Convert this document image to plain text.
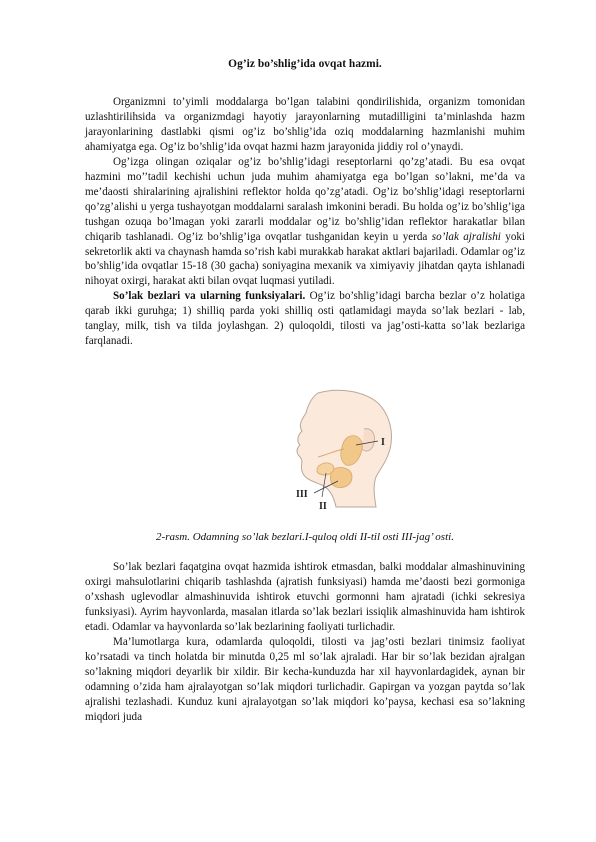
Og’iz bo’shlig’ida ovqat hazmi.

Organizmni to’yimli moddalarga bo’lgan talabini qondirilishida, organizm tomonidan uzlashtirilihsida va organizmdagi hayotiy jarayonlarning mutadilligini ta’minlashda hazm jarayonlarining dastlabki qismi og’iz bo’shlig’ida oziq moddalarning hazmlanishi muhim ahamiyatga ega. Og’iz bo’shlig’ida ovqat hazmi hazm jarayonida jiddiy rol o’ynaydi.

Og’izga olingan oziqalar og’iz bo’shlig’idagi reseptorlarni qo’zg’atadi. Bu esa ovqat hazmini mo’’tadil kechishi uchun juda muhim ahamiyatga ega bo’lgan so’lakni, me’da va me’daosti shiralarining ajralishini reflektor holda qo’zg’atadi. Og’iz bo’shlig’idagi reseptorlarni qo’zg’alishi u yerga tushayotgan moddalarni saralash imkonini beradi. Bu holda og’iz bo’shlig’iga tushgan ozuqa bo’lmagan yoki zararli moddalar og’iz bo’shlig’idan reflektor harakatlar bilan chiqarib tashlanadi. Og’iz bo’shlig’iga ovqatlar tushganidan keyin u yerda so’lak ajralishi yoki sekretorlik akti va chaynash hamda so’rish kabi murakkab harakat aktlari bajariladi. Odamlar og’iz bo’shlig’ida ovqatlar 15-18 (30 gacha) soniyagina mexanik va ximiyaviy jihatdan qayta ishlanadi nihoyat oxirgi, harakat akti bilan ovqat luqmasi yutiladi.

So’lak bezlari va ularning funksiyalari. Og’iz bo’shlig’idagi barcha bezlar o’z holatiga qarab ikki guruhga; 1) shilliq parda yoki shilliq osti qatlamidagi mayda so’lak bezlari - lab, tanglay, milk, tish va tilda joylashgan. 2) quloqoldi, tilosti va jag’osti-katta so’lak bezlariga farqlanadi.

I
II
III

2-rasm. Odamning so’lak bezlari.I-quloq oldi II-til osti III-jag’ osti.

So’lak bezlari faqatgina ovqat hazmida ishtirok etmasdan, balki moddalar almashinuvining oxirgi mahsulotlarini chiqarib tashlashda (ajratish funksiyasi) hamda me’daosti bezi gormoniga o’xshash uglevodlar almashinuvida ishtirok etuvchi gormonni ham ajratadi (ichki sekresiya funksiyasi). Ayrim hayvonlarda, masalan itlarda so’lak bezlari issiqlik almashinuvida ham ishtirok etadi. Odamlar va hayvonlarda so’lak bezlarining faoliyati turlichadir.

Ma’lumotlarga kura, odamlarda quloqoldi, tilosti va jag’osti bezlari tinimsiz faoliyat ko’rsatadi va tinch holatda bir minutda 0,25 ml so’lak ajraladi. Har bir so’lak bezidan ajralgan so’lakning miqdori deyarlik bir xildir. Bir kecha-kunduzda har xil hayvonlardagidek, aynan bir odamning o’zida ham ajralayotgan so’lak miqdori turlichadir. Gapirgan va yozgan paytda so’lak ajralishi tezlashadi. Kunduz kuni ajralayotgan so’lak miqdori ko’paysa, kechasi esa so’lakning miqdori juda
